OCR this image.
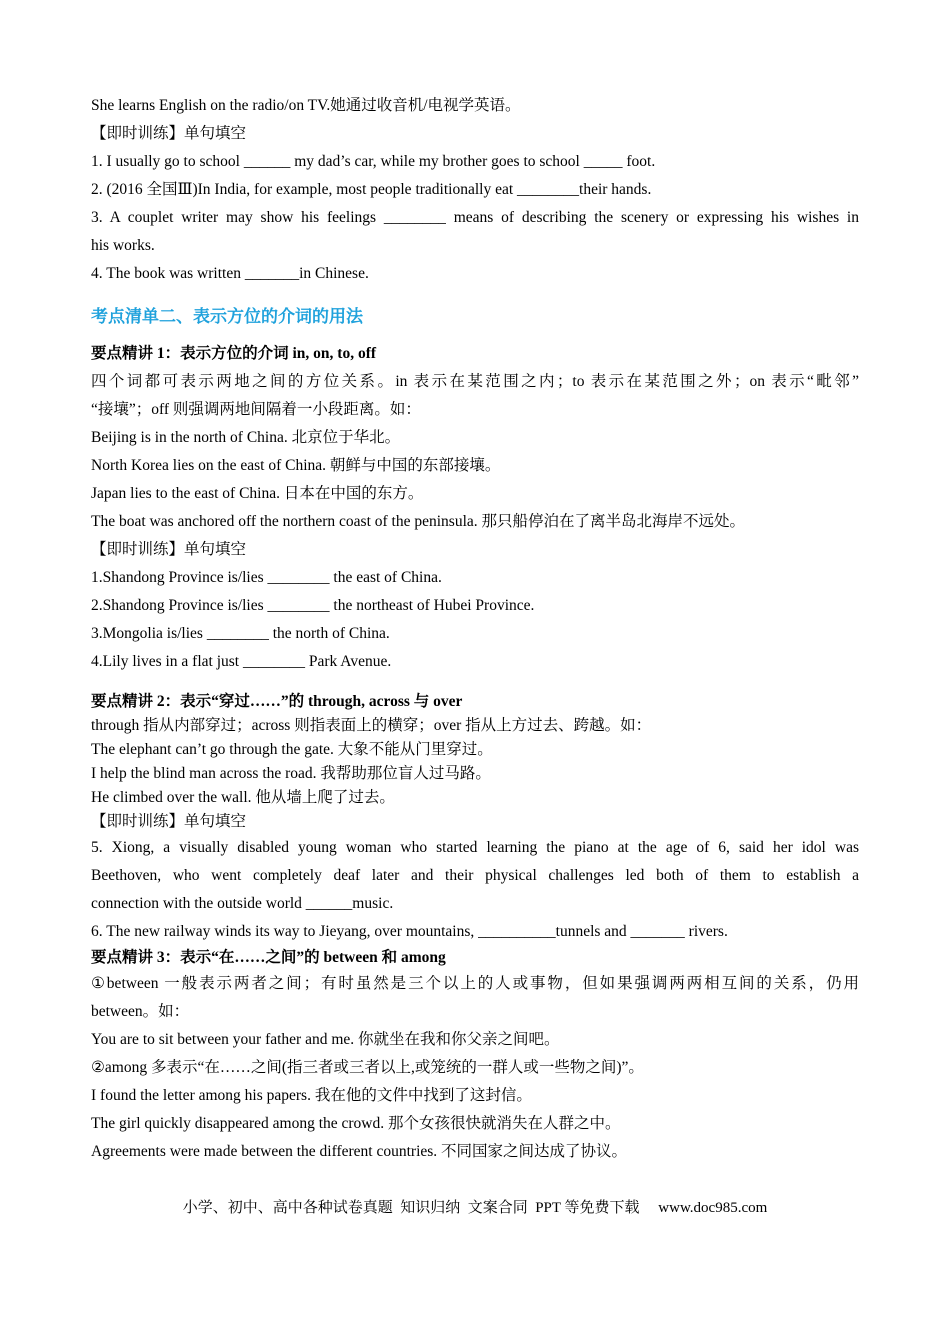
She learns English on the radio/on TV.她通过收音机/电视学英语。

【即时训练】单句填空

1. I usually go to school ______ my dad’s car, while my brother goes to school _____ foot.

2. (2016 全国Ⅲ)In India, for example, most people traditionally eat ________their hands.

3. A couplet writer may show his feelings ________ means of describing the scenery or expressing his wishes in

his works.

4. The book was written _______in Chinese.

考点清单二、表示方位的介词的用法

要点精讲 1：表示方位的介词 in, on, to, off

四个词都可表示两地之间的方位关系。in 表示在某范围之内；to 表示在某范围之外；on 表示“毗邻”

“接壤”；off 则强调两地间隔着一小段距离。如：

Beijing is in the north of China. 北京位于华北。

North Korea lies on the east of China. 朝鲜与中国的东部接壤。

Japan lies to the east of China. 日本在中国的东方。

The boat was anchored off the northern coast of the peninsula. 那只船停泊在了离半岛北海岸不远处。

【即时训练】单句填空

1.Shandong Province is/lies ________ the east of China.

2.Shandong Province is/lies ________ the northeast of Hubei Province.

3.Mongolia is/lies ________ the north of China.

4.Lily lives in a flat just ________ Park Avenue.

要点精讲 2：表示“穿过……”的 through, across 与 over

through 指从内部穿过；across 则指表面上的横穿；over 指从上方过去、跨越。如：

The elephant can’t go through the gate. 大象不能从门里穿过。

I help the blind man across the road. 我帮助那位盲人过马路。

He climbed over the wall. 他从墙上爬了过去。

【即时训练】单句填空

5. Xiong, a visually disabled young woman who started learning the piano at the age of 6, said her idol was

Beethoven, who went completely deaf later and their physical challenges led both of them to establish a

connection with the outside world ______music.

6. The new railway winds its way to Jieyang, over mountains, __________tunnels and _______ rivers.

要点精讲 3：表示“在……之间”的 between 和 among

①between 一般表示两者之间；有时虽然是三个以上的人或事物，但如果强调两两相互间的关系，仍用

between。如：

You are to sit between your father and me. 你就坐在我和你父亲之间吧。

②among 多表示“在……之间(指三者或三者以上,或笼统的一群人或一些物之间)”。

I found the letter among his papers. 我在他的文件中找到了这封信。

The girl quickly disappeared among the crowd. 那个女孩很快就消失在人群之中。

Agreements were made between the different countries. 不同国家之间达成了协议。

小学、初中、高中各种试卷真题  知识归纳  文案合同  PPT 等免费下载     www.doc985.com
